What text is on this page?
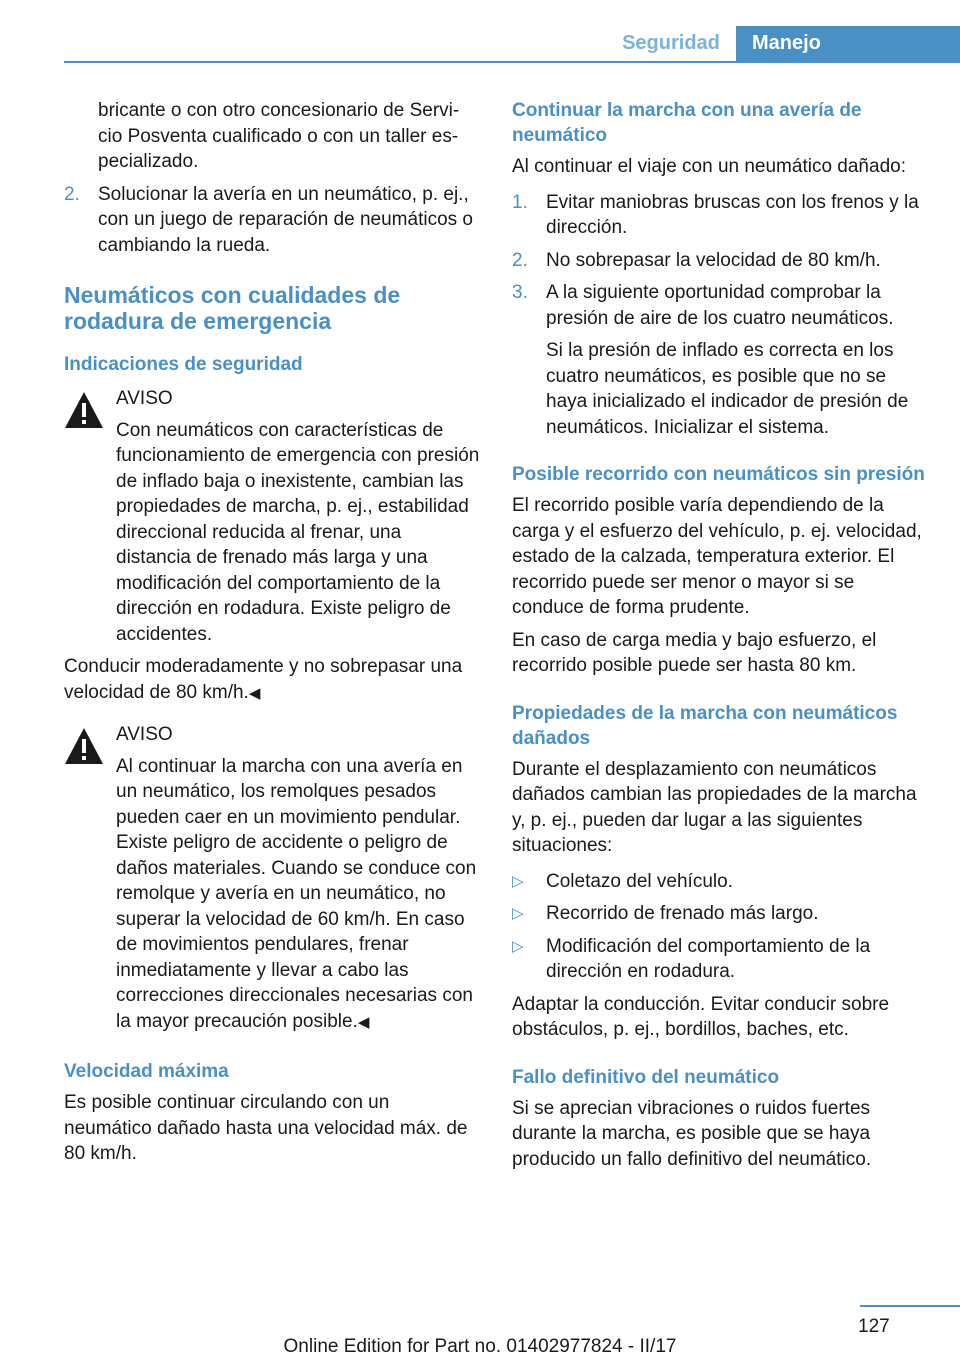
Seguridad	Manejo
bricante o con otro concesionario de Servi-
cio Posventa cualificado o con un taller es-
pecializado.
2. Solucionar la avería en un neumático, p. ej., con un juego de reparación de neumáticos o cambiando la rueda.
Neumáticos con cualidades de rodadura de emergencia
Indicaciones de seguridad
AVISO
Con neumáticos con características de funcionamiento de emergencia con presión de inflado baja o inexistente, cambian las propiedades de marcha, p. ej., estabilidad direccional reducida al frenar, una distancia de frenado más larga y una modificación del comportamiento de la dirección en rodadura. Existe peligro de accidentes.
Conducir moderadamente y no sobrepasar una velocidad de 80 km/h.◀
AVISO
Al continuar la marcha con una avería en un neumático, los remolques pesados pueden caer en un movimiento pendular. Existe peligro de accidente o peligro de daños materiales. Cuando se conduce con remolque y avería en un neumático, no superar la velocidad de 60 km/h. En caso de movimientos pendulares, frenar inmediatamente y llevar a cabo las correcciones direccionales necesarias con la mayor precaución posible.◀
Velocidad máxima
Es posible continuar circulando con un neumático dañado hasta una velocidad máx. de 80 km/h.
Continuar la marcha con una avería de neumático
Al continuar el viaje con un neumático dañado:
1. Evitar maniobras bruscas con los frenos y la dirección.
2. No sobrepasar la velocidad de 80 km/h.
3. A la siguiente oportunidad comprobar la presión de aire de los cuatro neumáticos.
Si la presión de inflado es correcta en los cuatro neumáticos, es posible que no se haya inicializado el indicador de presión de neumáticos. Inicializar el sistema.
Posible recorrido con neumáticos sin presión
El recorrido posible varía dependiendo de la carga y el esfuerzo del vehículo, p. ej. velocidad, estado de la calzada, temperatura exterior. El recorrido puede ser menor o mayor si se conduce de forma prudente.
En caso de carga media y bajo esfuerzo, el recorrido posible puede ser hasta 80 km.
Propiedades de la marcha con neumáticos dañados
Durante el desplazamiento con neumáticos dañados cambian las propiedades de la marcha y, p. ej., pueden dar lugar a las siguientes situaciones:
▷	Coletazo del vehículo.
▷	Recorrido de frenado más largo.
▷	Modificación del comportamiento de la dirección en rodadura.
Adaptar la conducción. Evitar conducir sobre obstáculos, p. ej., bordillos, baches, etc.
Fallo definitivo del neumático
Si se aprecian vibraciones o ruidos fuertes durante la marcha, es posible que se haya producido un fallo definitivo del neumático.
127
Online Edition for Part no. 01402977824 - II/17
